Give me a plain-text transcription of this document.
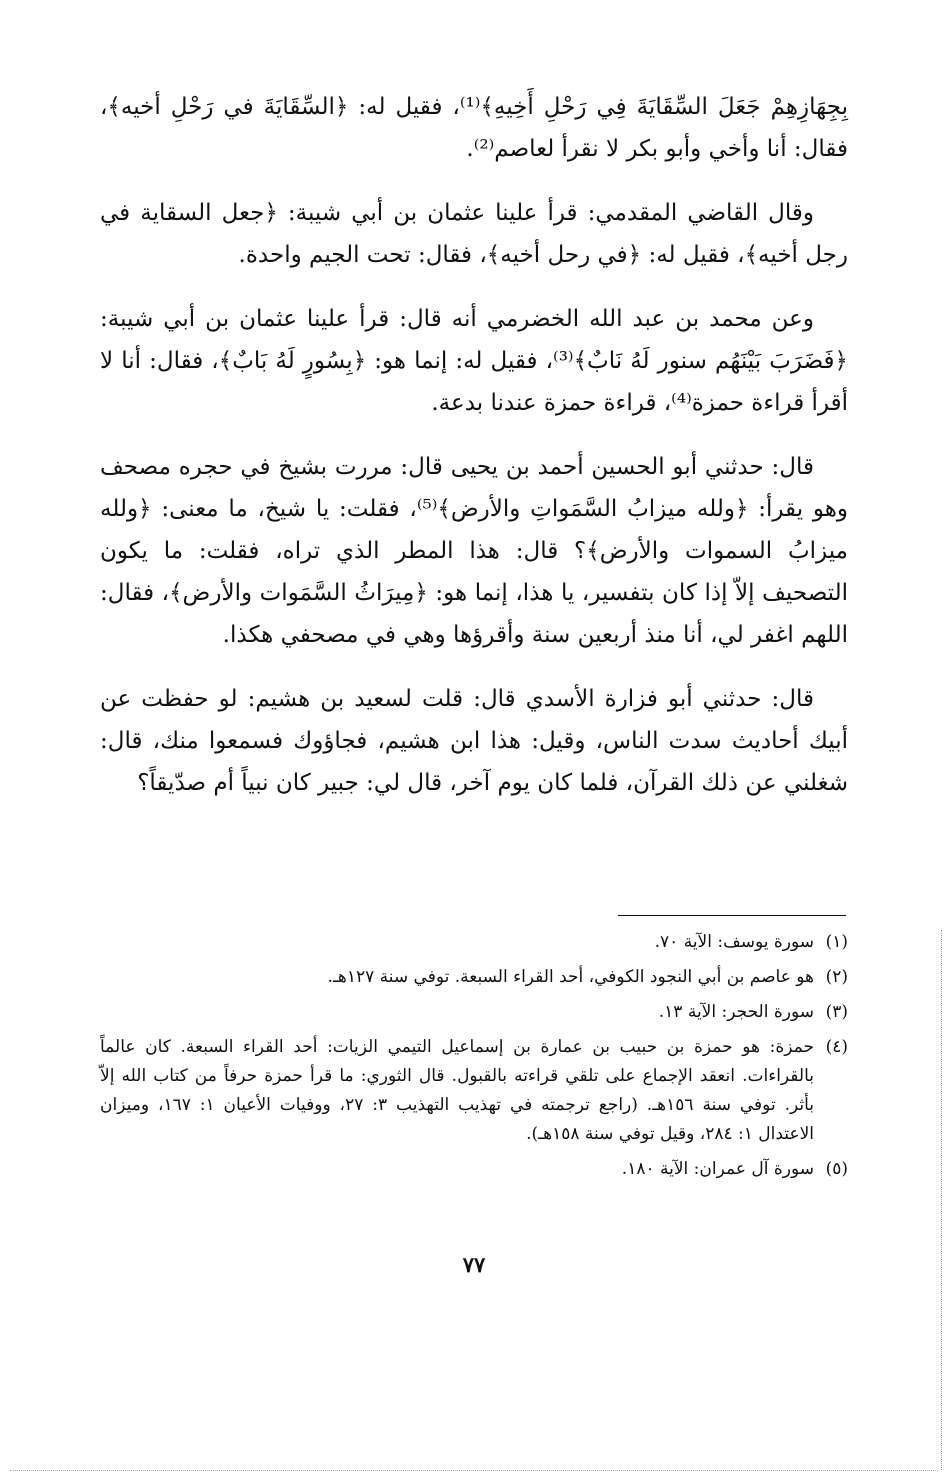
بِجِهَازِهِمْ جَعَلَ السِّقَايَةَ فِي رَحْلِ أَخِيهِ﴾⁽¹⁾، فقيل له: ﴿السِّقَايَةَ في رَحْلِ أخيه﴾، فقال: أنا وأخي وأبو بكر لا نقرأ لعاصم⁽²⁾.

وقال القاضي المقدمي: قرأ علينا عثمان بن أبي شيبة: ﴿جعل السقاية في رجل أخيه﴾، فقيل له: ﴿في رحل أخيه﴾، فقال: تحت الجيم واحدة.

وعن محمد بن عبد الله الخضرمي أنه قال: قرأ علينا عثمان بن أبي شيبة: ﴿فَضَرَبَ بَيْنَهُم سنور لَهُ نَابٌ﴾⁽³⁾، فقيل له: إنما هو: ﴿بِسُورٍ لَهُ بَابٌ﴾، فقال: أنا لا أقرأ قراءة حمزة⁽⁴⁾، قراءة حمزة عندنا بدعة.

قال: حدثني أبو الحسين أحمد بن يحيى قال: مررت بشيخ في حجره مصحف وهو يقرأ: ﴿ولله ميزابُ السَّمَواتِ والأرض﴾⁽⁵⁾، فقلت: يا شيخ، ما معنى: ﴿ولله ميزابُ السموات والأرض﴾؟ قال: هذا المطر الذي تراه، فقلت: ما يكون التصحيف إلاّ إذا كان بتفسير، يا هذا، إنما هو: ﴿مِيرَاثُ السَّمَوات والأرض﴾، فقال: اللهم اغفر لي، أنا منذ أربعين سنة وأقرؤها وهي في مصحفي هكذا.

قال: حدثني أبو فزارة الأسدي قال: قلت لسعيد بن هشيم: لو حفظت عن أبيك أحاديث سدت الناس، وقيل: هذا ابن هشيم، فجاؤوك فسمعوا منك، قال: شغلني عن ذلك القرآن، فلما كان يوم آخر، قال لي: جبير كان نبياً أم صدّيقاً؟

(١)
سورة يوسف: الآية ٧٠.
(٢)
هو عاصم بن أبي النجود الكوفي، أحد القراء السبعة. توفي سنة ١٢٧هـ.
(٣)
سورة الحجر: الآية ١٣.
(٤)
حمزة: هو حمزة بن حبيب بن عمارة بن إسماعيل التيمي الزيات: أحد القراء السبعة. كان عالماً بالقراءات. انعقد الإجماع على تلقي قراءته بالقبول. قال الثوري: ما قرأ حمزة حرفاً من كتاب الله إلاّ بأثر. توفي سنة ١٥٦هـ. (راجع ترجمته في تهذيب التهذيب ٣: ٢٧، ووفيات الأعيان ١: ١٦٧، وميزان الاعتدال ١: ٢٨٤، وقيل توفي سنة ١٥٨هـ).
(٥)
سورة آل عمران: الآية ١٨٠.
٧٧
